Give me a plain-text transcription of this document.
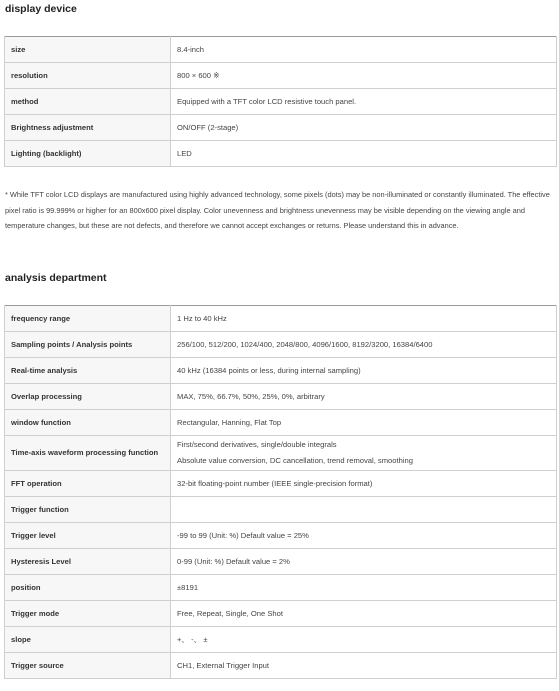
display device
size	8.4-inch
resolution	800 × 600 ※
method	Equipped with a TFT color LCD resistive touch panel.
Brightness adjustment	ON/OFF (2-stage)
Lighting (backlight)	LED

* While TFT color LCD displays are manufactured using highly advanced technology, some pixels (dots) may be non-illuminated or constantly illuminated. The effective pixel ratio is 99.999% or higher for an 800x600 pixel display. Color unevenness and brightness unevenness may be visible depending on the viewing angle and temperature changes, but these are not defects, and therefore we cannot accept exchanges or returns. Please understand this in advance.

analysis department
frequency range	1 Hz to 40 kHz
Sampling points / Analysis points	256/100, 512/200, 1024/400, 2048/800, 4096/1600, 8192/3200, 16384/6400
Real-time analysis	40 kHz (16384 points or less, during internal sampling)
Overlap processing	MAX, 75%, 66.7%, 50%, 25%, 0%, arbitrary
window function	Rectangular, Hanning, Flat Top
Time-axis waveform processing function	First/second derivatives, single/double integrals
Absolute value conversion, DC cancellation, trend removal, smoothing

FFT operation	32-bit floating-point number (IEEE single-precision format)
Trigger function	
Trigger level	-99 to 99 (Unit: %) Default value = 25%
Hysteresis Level	0-99 (Unit: %) Default value = 2%
position	±8191
Trigger mode	Free, Repeat, Single, One Shot
slope	+、 -、 ±
Trigger source	CH1, External Trigger Input
